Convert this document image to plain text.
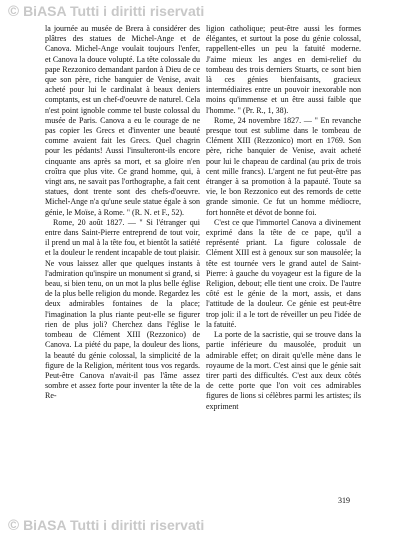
© BiASA Tutti i diritti riservati

la journée au musée de Brera à considérer des plâtres des statues de Michel-Ange et de Canova. Michel-Ange voulait toujours l'enfer, et Canova la douce volupté. La tête colossale du pape Rezzonico demandant pardon à Dieu de ce que son père, riche banquier de Venise, avait acheté pour lui le cardinalat à beaux deniers comptants, est un chef-d'oeuvre de naturel. Cela n'est point ignoble comme tel buste colossal du musée de Paris. Canova a eu le courage de ne pas copier les Grecs et d'inventer une beauté comme avaient fait les Grecs. Quel chagrin pour les pédants! Aussi l'insulteront-ils encore cinquante ans après sa mort, et sa gloire n'en croîtra que plus vite. Ce grand homme, qui, à vingt ans, ne savait pas l'orthographe, a fait cent statues, dont trente sont des chefs-d'oeuvre. Michel-Ange n'a qu'une seule statue égale à son génie, le Moïse, à Rome. " (R. N. et F., 52).

Rome, 20 août 1827. — " Si l'étranger qui entre dans Saint-Pierre entreprend de tout voir, il prend un mal à la tête fou, et bientôt la satiété et la douleur le rendent incapable de tout plaisir. Ne vous laissez aller que quelques instants à l'admiration qu'inspire un monument si grand, si beau, si bien tenu, on un mot la plus belle église de la plus belle religion du monde. Regardez les deux admirables fontaines de la place; l'imagination la plus riante peut-elle se figurer rien de plus joli? Cherchez dans l'église le tombeau de Clément XIII (Rezzonico) de Canova. La piété du pape, la douleur des lions, la beauté du génie colossal, la simplicité de la figure de la Religion, méritent tous vos regards. Peut-être Canova n'avait-il pas l'âme assez sombre et assez forte pour inventer la tête de la Re-

ligion catholique; peut-être aussi les formes élégantes, et surtout la pose du génie colossal, rappellent-elles un peu la fatuité moderne. J'aime mieux les anges en demi-relief du tombeau des trois derniers Stuarts, ce sont bien là ces génies bienfaisants, gracieux intermédiaires entre un pouvoir inexorable non moins qu'immense et un être aussi faible que l'homme. " (Pr. R., 1, 38).

Rome, 24 novembre 1827. — " En revanche presque tout est sublime dans le tombeau de Clément XIII (Rezzonico) mort en 1769. Son père, riche banquier de Venise, avait acheté pour lui le chapeau de cardinal (au prix de trois cent mille francs). L'argent ne fut peut-être pas étranger à sa promotion à la papauté. Toute sa vie, le bon Rezzonico eut des remords de cette grande simonie. Ce fut un homme médiocre, fort honnête et dévot de bonne foi.

C'est ce que l'immortel Canova a divinement exprimé dans la tête de ce pape, qu'il a représenté priant. La figure colossale de Clément XIII est à genoux sur son mausolée; la tête est tournée vers le grand autel de Saint-Pierre: à gauche du voyageur est la figure de la Religion, debout; elle tient une croix. De l'autre côté est le génie de la mort, assis, et dans l'attitude de la douleur. Ce génie est peut-être trop joli: il a le tort de réveiller un peu l'idée de la fatuité.

La porte de la sacristie, qui se trouve dans la partie inférieure du mausolée, produit un admirable effet; on dirait qu'elle mène dans le royaume de la mort. C'est ainsi que le génie sait tirer parti des difficultés. C'est aux deux côtés de cette porte que l'on voit ces admirables figures de lions si célèbres parmi les artistes; ils expriment

319
© BiASA Tutti i diritti riservati
